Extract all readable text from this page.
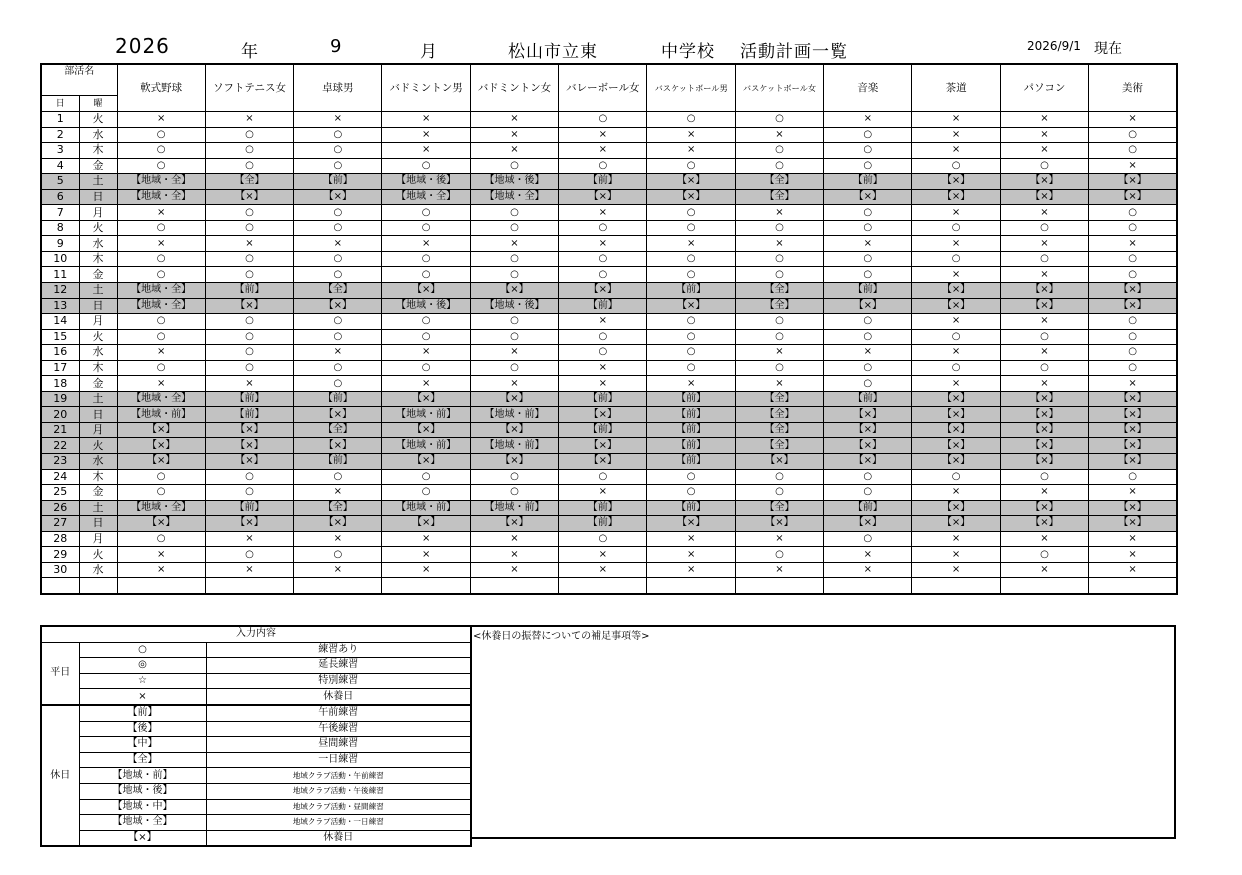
2026	年	9	月	松山市立東	中学校 活動計画一覧	2026/9/1 現在
部活名		軟式野球	ソフトテニス女	卓球男	バドミントン男	バドミントン女	バレーボール女	バスケットボール男	バスケットボール女	音楽	茶道	パソコン	美術
日	曜												
1	火	×	×	×	×	×	○	○	○	×	×	×	×
2	水	○	○	○	×	×	×	×	×	○	×	×	○
3	木	○	○	○	×	×	×	×	○	○	×	×	○
4	金	○	○	○	○	○	○	○	○	○	○	○	×
5	土	【地域・全】	【全】	【前】	【地域・後】	【地域・後】	【前】	【×】	【全】	【前】	【×】	【×】	【×】
6	日	【地域・全】	【×】	【×】	【地域・全】	【地域・全】	【×】	【×】	【全】	【×】	【×】	【×】	【×】
7	月	×	○	○	○	○	×	○	×	○	×	×	○
8	火	○	○	○	○	○	○	○	○	○	○	○	○
9	水	×	×	×	×	×	×	×	×	×	×	×	×
10	木	○	○	○	○	○	○	○	○	○	○	○	○
11	金	○	○	○	○	○	○	○	○	○	×	×	○
12	土	【地域・全】	【前】	【全】	【×】	【×】	【×】	【前】	【全】	【前】	【×】	【×】	【×】
13	日	【地域・全】	【×】	【×】	【地域・後】	【地域・後】	【前】	【×】	【全】	【×】	【×】	【×】	【×】
14	月	○	○	○	○	○	×	○	○	○	×	×	○
15	火	○	○	○	○	○	○	○	○	○	○	○	○
16	水	×	○	×	×	×	○	○	×	×	×	×	○
17	木	○	○	○	○	○	×	○	○	○	○	○	○
18	金	×	×	○	×	×	×	×	×	○	×	×	×
19	土	【地域・全】	【前】	【前】	【×】	【×】	【前】	【前】	【全】	【前】	【×】	【×】	【×】
20	日	【地域・前】	【前】	【×】	【地域・前】	【地域・前】	【×】	【前】	【全】	【×】	【×】	【×】	【×】
21	月	【×】	【×】	【全】	【×】	【×】	【前】	【前】	【全】	【×】	【×】	【×】	【×】
22	火	【×】	【×】	【×】	【地域・前】	【地域・前】	【×】	【前】	【全】	【×】	【×】	【×】	【×】
23	水	【×】	【×】	【前】	【×】	【×】	【×】	【前】	【×】	【×】	【×】	【×】	【×】
24	木	○	○	○	○	○	○	○	○	○	○	○	○
25	金	○	○	×	○	○	×	○	○	○	×	×	×
26	土	【地域・全】	【前】	【全】	【地域・前】	【地域・前】	【前】	【前】	【全】	【前】	【×】	【×】	【×】
27	日	【×】	【×】	【×】	【×】	【×】	【前】	【×】	【×】	【×】	【×】	【×】	【×】
28	月	○	×	×	×	×	○	×	×	○	×	×	×
29	火	×	○	○	×	×	×	×	○	×	×	○	×
30	水	×	×	×	×	×	×	×	×	×	×	×	×

入力内容		
平日	○	練習あり
	◎	延長練習
	☆	特別練習
	×	休養日
休日	【前】	午前練習
	【後】	午後練習
	【中】	昼間練習
	【全】	一日練習
	【地域・前】	地域クラブ活動・午前練習
	【地域・後】	地域クラブ活動・午後練習
	【地域・中】	地域クラブ活動・昼間練習
	【地域・全】	地域クラブ活動・一日練習
	【×】	休養日
<休養日の振替についての補足事項等>
